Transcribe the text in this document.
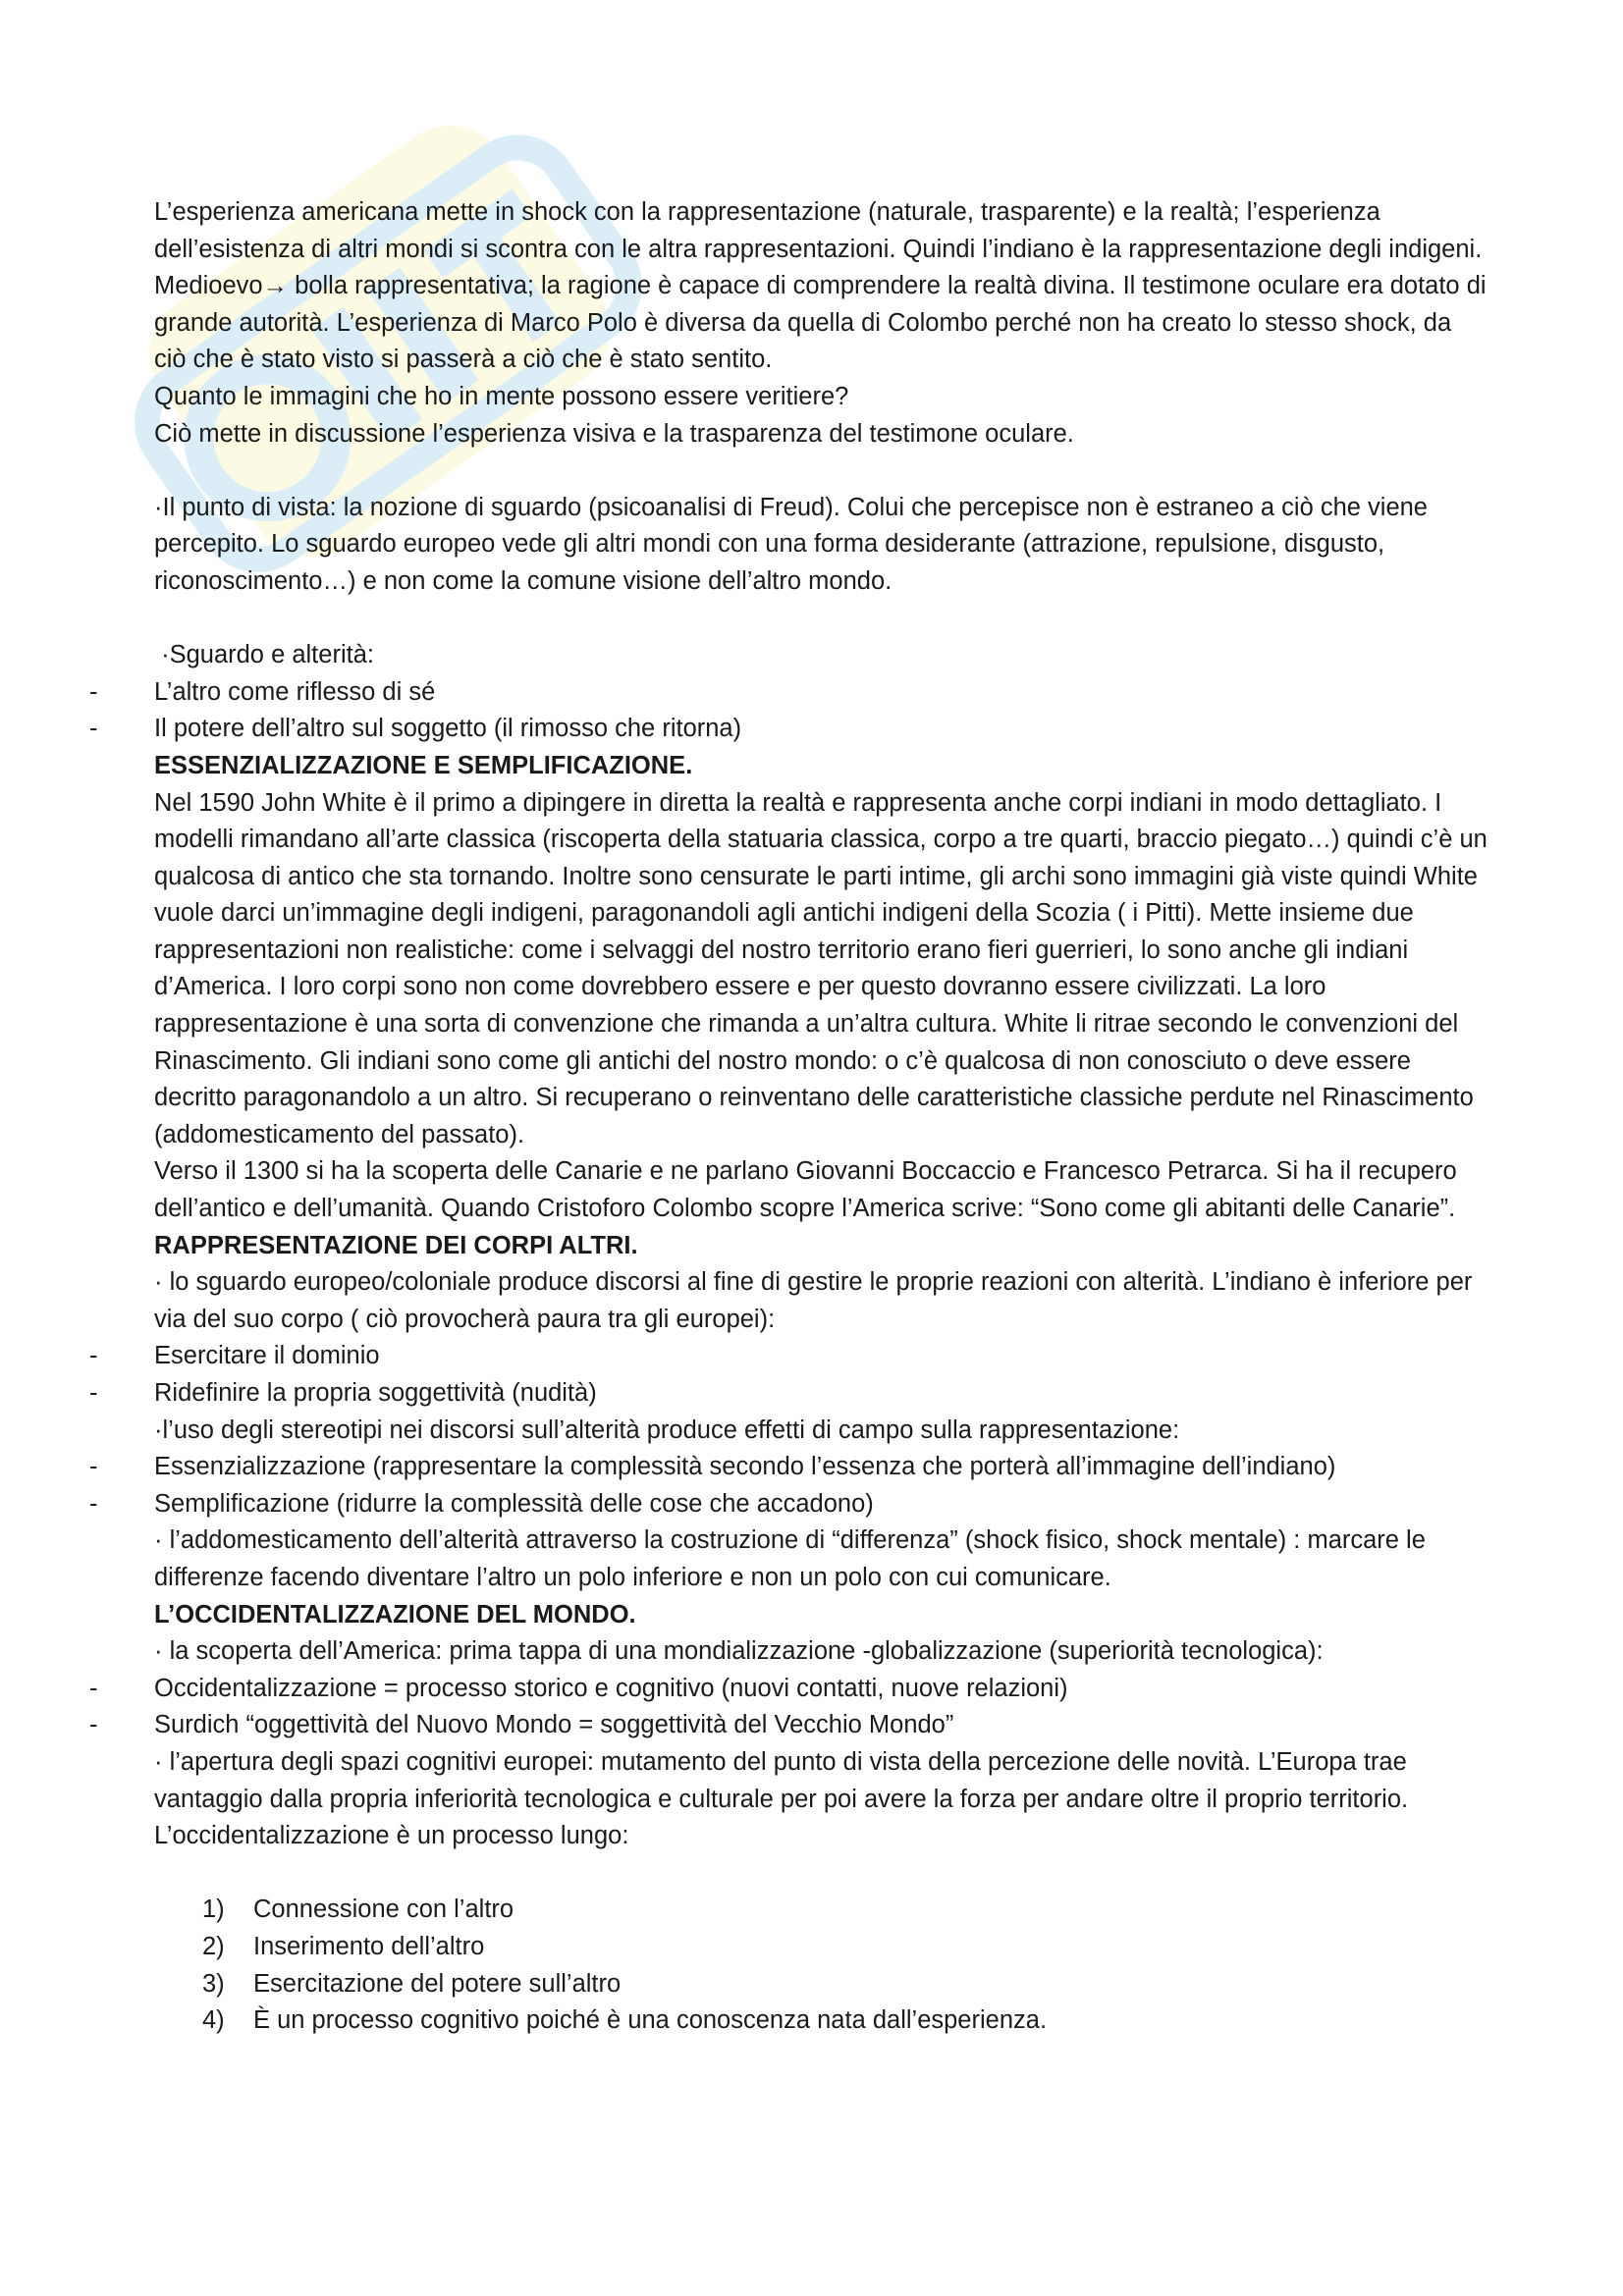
L’esperienza americana mette in shock con la rappresentazione (naturale, trasparente) e la realtà; l’esperienza dell’esistenza di altri mondi si scontra con le altra rappresentazioni. Quindi l’indiano è la rappresentazione degli indigeni.

Medioevo→ bolla rappresentativa; la ragione è capace di comprendere la realtà divina. Il testimone oculare era dotato di grande autorità. L’esperienza di Marco Polo è diversa da quella di Colombo perché non ha creato lo stesso shock, da ciò che è stato visto si passerà a ciò che è stato sentito.

Quanto le immagini che ho in mente possono essere veritiere?

Ciò mette in discussione l’esperienza visiva e la trasparenza del testimone oculare.

·Il punto di vista: la nozione di sguardo (psicoanalisi di Freud). Colui che percepisce non è estraneo a ciò che viene percepito. Lo sguardo europeo vede gli altri mondi con una forma desiderante (attrazione, repulsione, disgusto, riconoscimento…) e non come la comune visione dell’altro mondo.

·Sguardo e alterità:

- L’altro come riflesso di sé
- Il potere dell’altro sul soggetto (il rimosso che ritorna)

ESSENZIALIZZAZIONE E SEMPLIFICAZIONE.

Nel 1590 John White è il primo a dipingere in diretta la realtà e rappresenta anche corpi indiani in modo dettagliato. I modelli rimandano all’arte classica (riscoperta della statuaria classica, corpo a tre quarti, braccio piegato…) quindi c’è un qualcosa di antico che sta tornando. Inoltre sono censurate le parti intime, gli archi sono immagini già viste quindi White vuole darci un’immagine degli indigeni, paragonandoli agli antichi indigeni della Scozia ( i Pitti). Mette insieme due rappresentazioni non realistiche: come i selvaggi del nostro territorio erano fieri guerrieri, lo sono anche gli indiani d’America. I loro corpi sono non come dovrebbero essere e per questo dovranno essere civilizzati. La loro rappresentazione è una sorta di convenzione che rimanda a un’altra cultura. White li ritrae secondo le convenzioni del Rinascimento. Gli indiani sono come gli antichi del nostro mondo: o c’è qualcosa di non conosciuto o deve essere decritto paragonandolo a un altro. Si recuperano o reinventano delle caratteristiche classiche perdute nel Rinascimento (addomesticamento del passato).

Verso il 1300 si ha la scoperta delle Canarie e ne parlano Giovanni Boccaccio e Francesco Petrarca. Si ha il recupero dell’antico e dell’umanità. Quando Cristoforo Colombo scopre l’America scrive: “Sono come gli abitanti delle Canarie”.

RAPPRESENTAZIONE DEI CORPI ALTRI.

· lo sguardo europeo/coloniale produce discorsi al fine di gestire le proprie reazioni con alterità. L’indiano è inferiore per via del suo corpo ( ciò provocherà paura tra gli europei):

- Esercitare il dominio
- Ridefinire la propria soggettività (nudità)

·l’uso degli stereotipi nei discorsi sull’alterità produce effetti di campo sulla rappresentazione:

- Essenzializzazione (rappresentare la complessità secondo l’essenza che porterà all’immagine dell’indiano)
- Semplificazione (ridurre la complessità delle cose che accadono)

· l’addomesticamento dell’alterità attraverso la costruzione di “differenza” (shock fisico, shock mentale) : marcare le differenze facendo diventare l’altro un polo inferiore e non un polo con cui comunicare.

L’OCCIDENTALIZZAZIONE DEL MONDO.

· la scoperta dell’America: prima tappa di una mondializzazione -globalizzazione (superiorità tecnologica):

- Occidentalizzazione = processo storico e cognitivo (nuovi contatti, nuove relazioni)
- Surdich “oggettività del Nuovo Mondo = soggettività del Vecchio Mondo”

· l’apertura degli spazi cognitivi europei: mutamento del punto di vista della percezione delle novità. L’Europa trae vantaggio dalla propria inferiorità tecnologica e culturale per poi avere la forza per andare oltre il proprio territorio. L’occidentalizzazione è un processo lungo:

1) Connessione con l’altro
2) Inserimento dell’altro
3) Esercitazione del potere sull’altro
4) È un processo cognitivo poiché è una conoscenza nata dall’esperienza.
